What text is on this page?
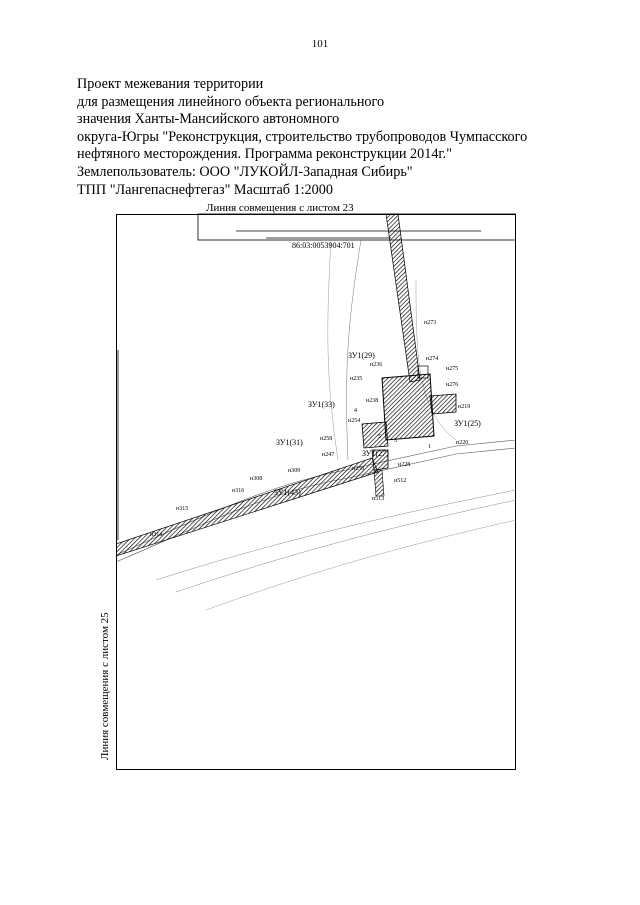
101
Проект межевания территории
для размещения линейного объекта регионального
значения Ханты-Мансийского автономного
округа-Югры "Реконструкция, строительство трубопроводов Чумпасского
нефтяного месторождения. Программа реконструкции 2014г."
Землепользователь: ООО "ЛУКОЙЛ-Западная Сибирь"
ТПП "Лангепаснефтегаз" Масштаб 1:2000
Линия совмещения с листом 23
Линия совмещения с листом 25
86:03:0053904:701
ЗУ1(29)
ЗУ1(33)
ЗУ1(31)
ЗУ1(25)
ЗУ1(27)
ЗУ1(43)
н273
н274
н275
н276
н219
н220
н236
н235
н238
н254
н258
н247
н250
н228
н512
н513
н308
н309
н316
н315
н314
3
4
5
1
